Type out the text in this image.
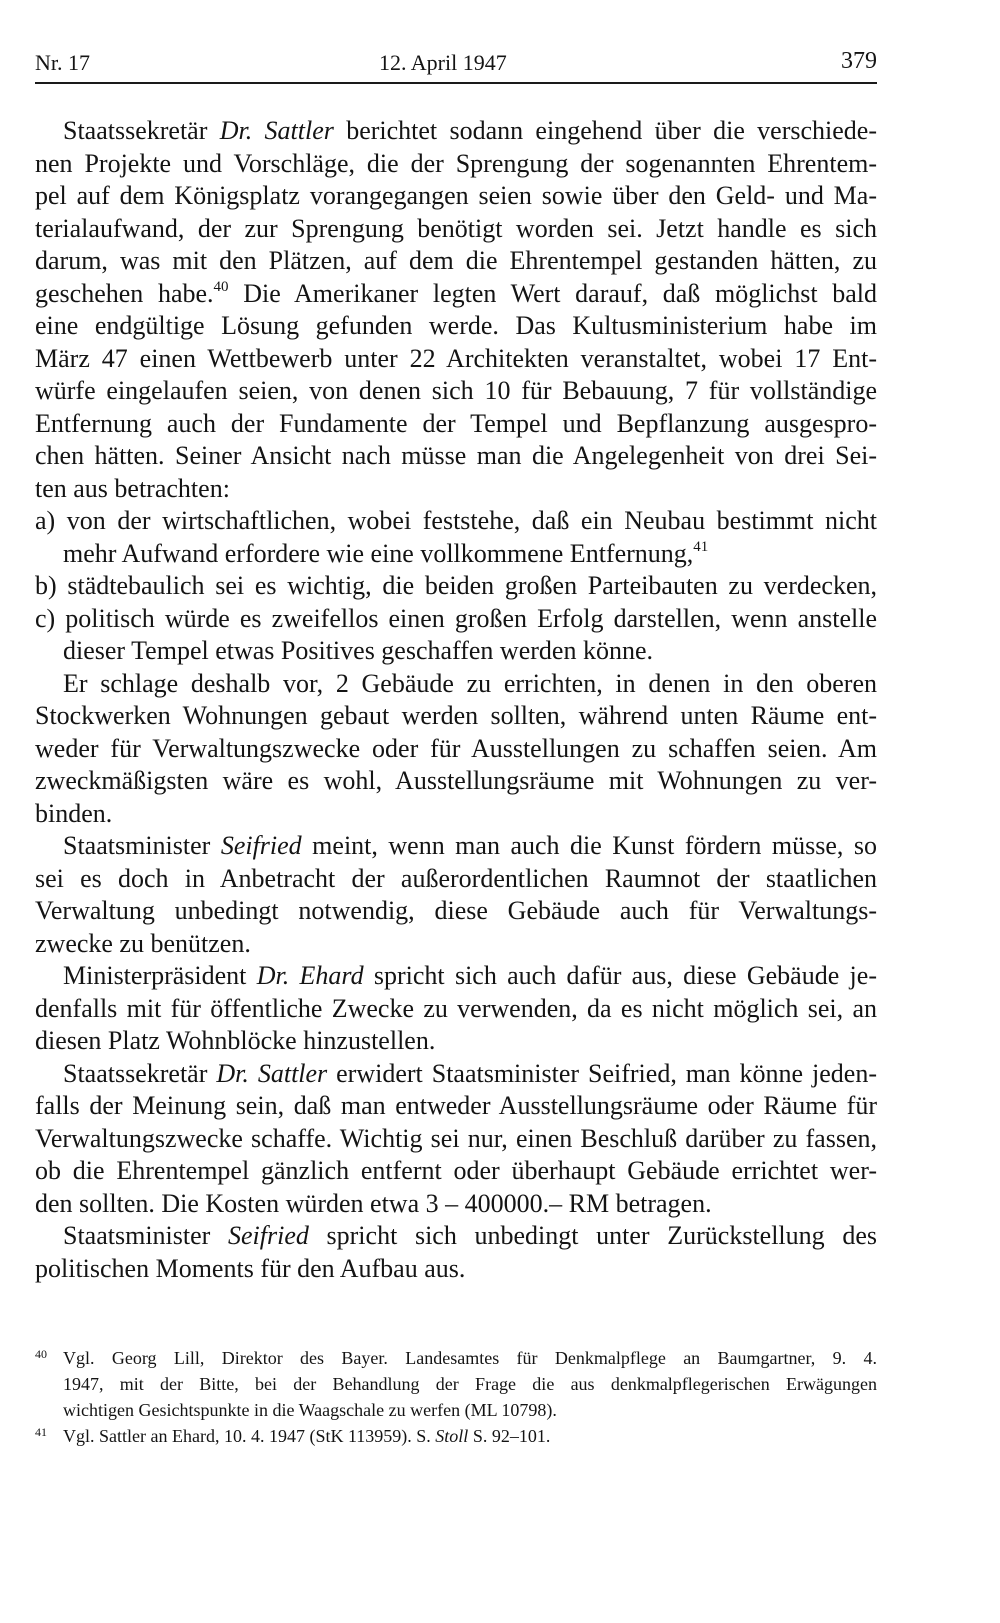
Nr. 17	12. April 1947	379
Staatssekretär Dr. Sattler berichtet sodann eingehend über die verschiede-
nen Projekte und Vorschläge, die der Sprengung der sogenannten Ehrentem-
pel auf dem Königsplatz vorangegangen seien sowie über den Geld- und Ma-
terialaufwand, der zur Sprengung benötigt worden sei. Jetzt handle es sich
darum, was mit den Plätzen, auf dem die Ehrentempel gestanden hätten, zu
geschehen habe.$^{40}$ Die Amerikaner legten Wert darauf, daß möglichst bald
eine endgültige Lösung gefunden werde. Das Kultusministerium habe im
März 47 einen Wettbewerb unter 22 Architekten veranstaltet, wobei 17 Ent-
würfe eingelaufen seien, von denen sich 10 für Bebauung, 7 für vollständige
Entfernung auch der Fundamente der Tempel und Bepflanzung ausgespro-
chen hätten. Seiner Ansicht nach müsse man die Angelegenheit von drei Sei-
ten aus betrachten:
a) von der wirtschaftlichen, wobei feststehe, daß ein Neubau bestimmt nicht
mehr Aufwand erfordere wie eine vollkommene Entfernung,$^{41}$
b) städtebaulich sei es wichtig, die beiden großen Parteibauten zu verdecken,
c) politisch würde es zweifellos einen großen Erfolg darstellen, wenn anstelle
dieser Tempel etwas Positives geschaffen werden könne.
Er schlage deshalb vor, 2 Gebäude zu errichten, in denen in den oberen
Stockwerken Wohnungen gebaut werden sollten, während unten Räume ent-
weder für Verwaltungszwecke oder für Ausstellungen zu schaffen seien. Am
zweckmäßigsten wäre es wohl, Ausstellungsräume mit Wohnungen zu ver-
binden.
Staatsminister Seifried meint, wenn man auch die Kunst fördern müsse, so
sei es doch in Anbetracht der außerordentlichen Raumnot der staatlichen
Verwaltung unbedingt notwendig, diese Gebäude auch für Verwaltungs-
zwecke zu benützen.
Ministerpräsident Dr. Ehard spricht sich auch dafür aus, diese Gebäude je-
denfalls mit für öffentliche Zwecke zu verwenden, da es nicht möglich sei, an
diesen Platz Wohnblöcke hinzustellen.
Staatssekretär Dr. Sattler erwidert Staatsminister Seifried, man könne jeden-
falls der Meinung sein, daß man entweder Ausstellungsräume oder Räume für
Verwaltungszwecke schaffe. Wichtig sei nur, einen Beschluß darüber zu fassen,
ob die Ehrentempel gänzlich entfernt oder überhaupt Gebäude errichtet wer-
den sollten. Die Kosten würden etwa 3 – 400000.– RM betragen.
Staatsminister Seifried spricht sich unbedingt unter Zurückstellung des
politischen Moments für den Aufbau aus.
40 Vgl. Georg Lill, Direktor des Bayer. Landesamtes für Denkmalpflege an Baumgartner, 9. 4.
1947, mit der Bitte, bei der Behandlung der Frage die aus denkmalpflegerischen Erwägungen
wichtigen Gesichtspunkte in die Waagschale zu werfen (ML 10798).
41 Vgl. Sattler an Ehard, 10. 4. 1947 (StK 113959). S. Stoll S. 92–101.
